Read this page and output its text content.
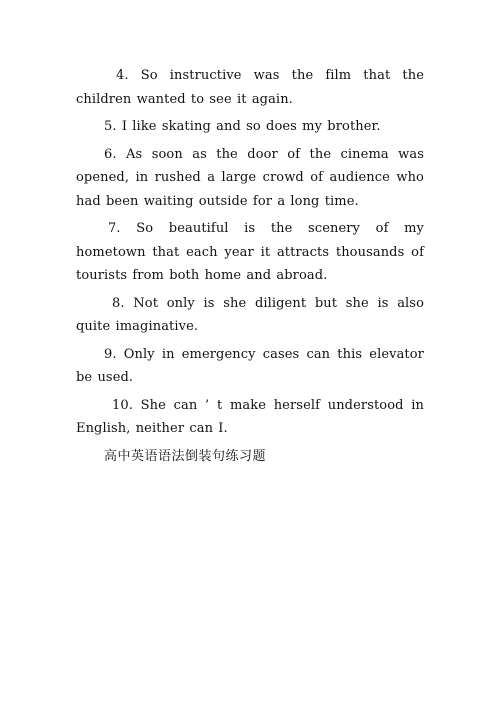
4. So instructive was the film that the children wanted to see it again.

5. I like skating and so does my brother.

6. As soon as the door of the cinema was opened, in rushed a large crowd of audience who had been waiting outside for a long time.

7. So beautiful is the scenery of my hometown that each year it attracts thousands of tourists from both home and abroad.

8. Not only is she diligent but she is also quite imaginative.

9. Only in emergency cases can this elevator be used.

10. She can ’ t make herself understood in English, neither can I.

高中英语语法倒装句练习题
